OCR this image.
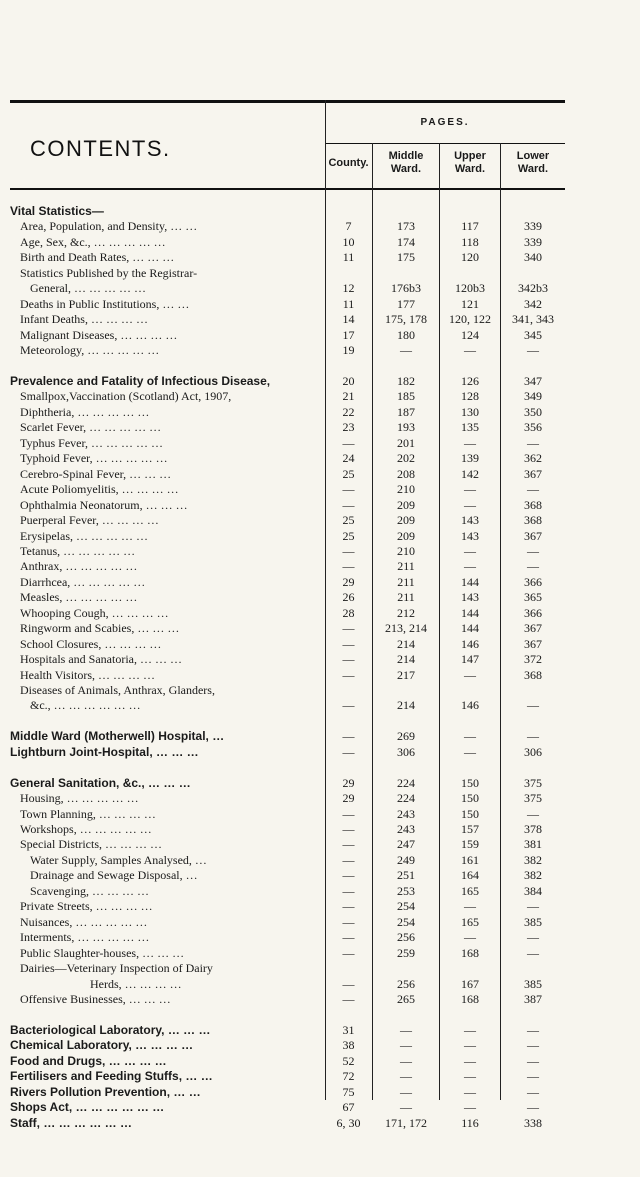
CONTENTS.
PAGES.
County.
Middle Ward.
Upper Ward.
Lower Ward.
Vital Statistics—
Area, Population, and Density, … …	7	173	117	339
Age, Sex, &c., … … … … …	10	174	118	339
Birth and Death Rates, … … …	11	175	120	340
Statistics Published by the Registrar-
General, … … … … …	12	176b3	120b3	342b3
Deaths in Public Institutions, … …	11	177	121	342
Infant Deaths, … … … …	14	175, 178	120, 122	341, 343
Malignant Diseases, … … … …	17	180	124	345
Meteorology, … … … … …	19	—	—	—
Prevalence and Fatality of Infectious Disease,	20	182	126	347
Smallpox,Vaccination (Scotland) Act, 1907,	21	185	128	349
Diphtheria, … … … … …	22	187	130	350
Scarlet Fever, … … … … …	23	193	135	356
Typhus Fever, … … … … …	—	201	—	—
Typhoid Fever, … … … … …	24	202	139	362
Cerebro-Spinal Fever, … … …	25	208	142	367
Acute Poliomyelitis, … … … …	—	210	—	—
Ophthalmia Neonatorum, … … …	—	209	—	368
Puerperal Fever, … … … …	25	209	143	368
Erysipelas, … … … … …	25	209	143	367
Tetanus, … … … … …	—	210	—	—
Anthrax, … … … … …	—	211	—	—
Diarrhcea, … … … … …	29	211	144	366
Measles, … … … … …	26	211	143	365
Whooping Cough, … … … …	28	212	144	366
Ringworm and Scabies, … … …	—	213, 214	144	367
School Closures, … … … …	—	214	146	367
Hospitals and Sanatoria, … … …	—	214	147	372
Health Visitors, … … … …	—	217	—	368
Diseases of Animals, Anthrax, Glanders,
&c., … … … … … …	—	214	146	—
Middle Ward (Motherwell) Hospital, …	—	269	—	—
Lightburn Joint-Hospital, … … …	—	306	—	306
General Sanitation, &c., … … …	29	224	150	375
Housing, … … … … …	29	224	150	375
Town Planning, … … … …	—	243	150	—
Workshops, … … … … …	—	243	157	378
Special Districts, … … … …	—	247	159	381
Water Supply, Samples Analysed, …	—	249	161	382
Drainage and Sewage Disposal, …	—	251	164	382
Scavenging, … … … …	—	253	165	384
Private Streets, … … … …	—	254	—	—
Nuisances, … … … … …	—	254	165	385
Interments, … … … … …	—	256	—	—
Public Slaughter-houses, … … …	—	259	168	—
Dairies—Veterinary Inspection of Dairy
Herds, … … … …	—	256	167	385
Offensive Businesses, … … …	—	265	168	387
Bacteriological Laboratory, … … …	31	—	—	—
Chemical Laboratory, … … … …	38	—	—	—
Food and Drugs, … … … …	52	—	—	—
Fertilisers and Feeding Stuffs, … …	72	—	—	—
Rivers Pollution Prevention, … …	75	—	—	—
Shops Act, … … … … … …	67	—	—	—
Staff, … … … … … …	6, 30	171, 172	116	338
